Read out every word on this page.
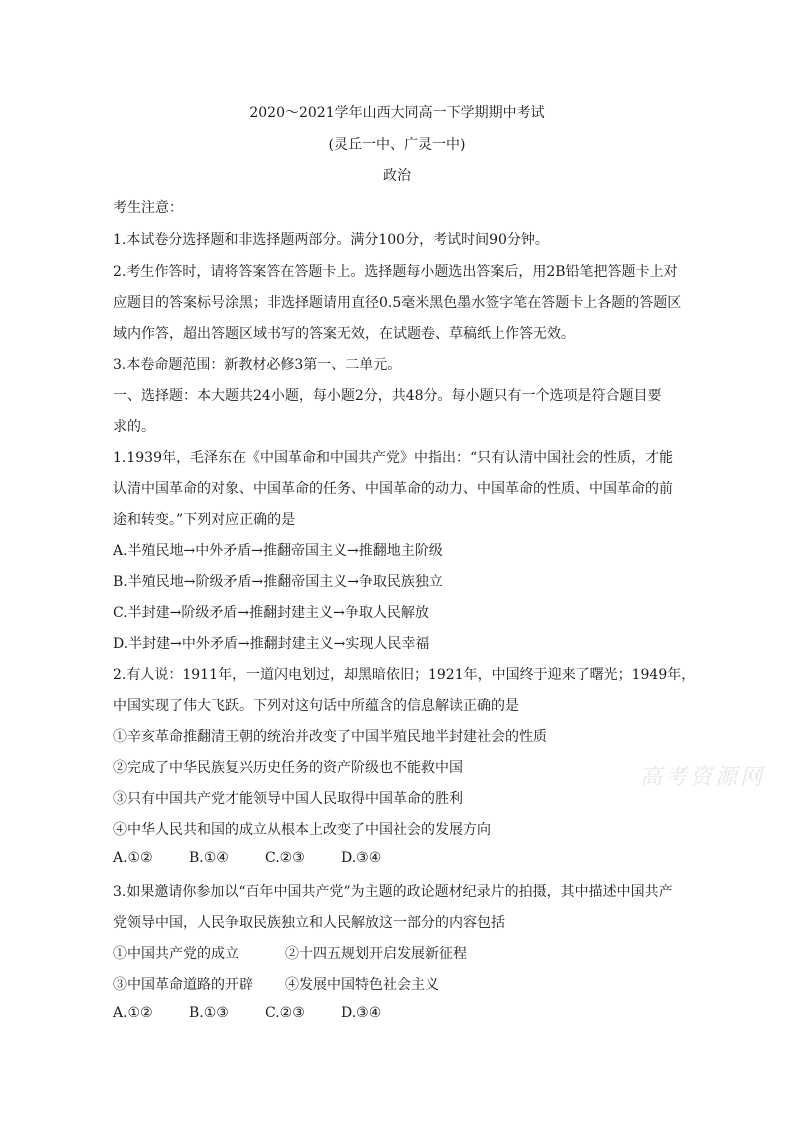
2020～2021学年山西大同高一下学期期中考试
(灵丘一中、广灵一中)
政治
考生注意：
1.本试卷分选择题和非选择题两部分。满分100分，考试时间90分钟。
2.考生作答时，请将答案答在答题卡上。选择题每小题选出答案后，用2B铅笔把答题卡上对
应题目的答案标号涂黑；非选择题请用直径0.5毫米黑色墨水签字笔在答题卡上各题的答题区
域内作答，超出答题区域书写的答案无效，在试题卷、草稿纸上作答无效。
3.本卷命题范围：新教材必修3第一、二单元。
一、选择题：本大题共24小题，每小题2分，共48分。每小题只有一个选项是符合题目要
求的。
1.1939年，毛泽东在《中国革命和中国共产党》中指出：“只有认清中国社会的性质，才能
认清中国革命的对象、中国革命的任务、中国革命的动力、中国革命的性质、中国革命的前
途和转变。”下列对应正确的是
A.半殖民地→中外矛盾→推翻帝国主义→推翻地主阶级
B.半殖民地→阶级矛盾→推翻帝国主义→争取民族独立
C.半封建→阶级矛盾→推翻封建主义→争取人民解放
D.半封建→中外矛盾→推翻封建主义→实现人民幸福
2.有人说：1911年，一道闪电划过，却黑暗依旧；1921年，中国终于迎来了曙光；1949年，
中国实现了伟大飞跃。下列对这句话中所蕴含的信息解读正确的是
①辛亥革命推翻清王朝的统治并改变了中国半殖民地半封建社会的性质
②完成了中华民族复兴历史任务的资产阶级也不能救中国
③只有中国共产党才能领导中国人民取得中国革命的胜利
④中华人民共和国的成立从根本上改变了中国社会的发展方向
A.①②	B.①④	C.②③	D.③④
3.如果邀请你参加以“百年中国共产党”为主题的政论题材纪录片的拍摄，其中描述中国共产
党领导中国，人民争取民族独立和人民解放这一部分的内容包括
①中国共产党的成立	②十四五规划开启发展新征程
③中国革命道路的开辟 ④发展中国特色社会主义
A.①②	B.①③	C.②③	D.③④
高考资源网
